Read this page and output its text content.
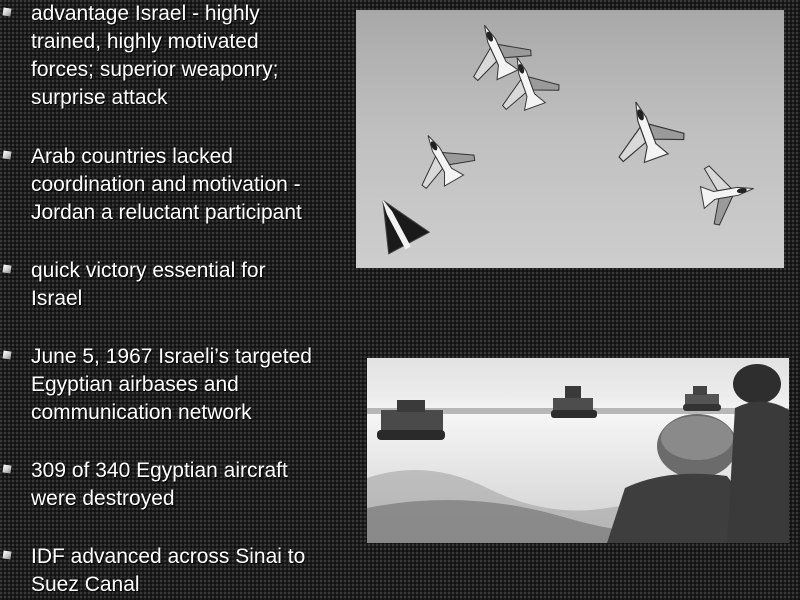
advantage Israel - highly
trained, highly motivated
forces; superior weaponry;
surprise attack
Arab countries lacked
coordination and motivation -
Jordan a reluctant participant
quick victory essential for
Israel
June 5, 1967 Israeli’s targeted
Egyptian airbases and
communication network
309 of 340 Egyptian aircraft
were destroyed
IDF advanced across Sinai to
Suez Canal
